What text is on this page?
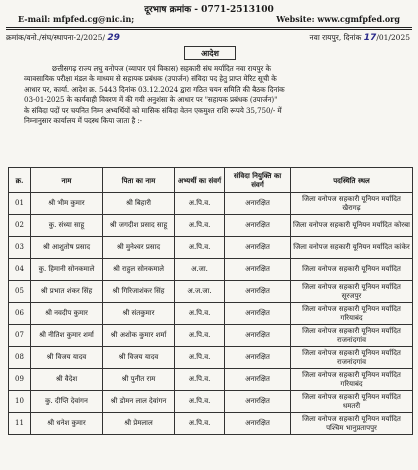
दूरभाष क्रमांक - 0771-2513100
E-mail: mfpfed.cg@nic.in;	Website: www.cgmfpfed.org
क्रमांक/वनो./संघ/स्थापना-2/2025/ 29	नवा रायपुर, दिनांक 17/01/2025
आदेश
छत्तीसगढ़ राज्य लघु वनोपज (व्यापार एवं विकास) सहकारी संघ मर्यादित नवा रायपुर के
व्यावसायिक परीक्षा मंडल के माध्यम से सहायक प्रबंधक (उपार्जन) संविदा पद हेतु प्राप्त मेरिट सूची के
आधार पर, कार्या. आदेश क्र. 5443 दिनांक 03.12.2024 द्वारा गठित चयन समिति की बैठक दिनांक
03-01-2025 के कार्यवाही विवरण में की गयी अनुशंसा के आधार पर "सहायक प्रबंधक (उपार्जन)"
के संविदा पदों पर चयनित निम्न अभ्यर्थियों को मासिक संविदा वेतन एकमुश्त राशि रूपये 35,750/- में
निम्नानुसार कार्यालय में पदस्थ किया जाता है :-
क्र.	नाम	पिता का नाम	अभ्यर्थी का संवर्ग	संविदा नियुक्ति का संवर्ग	पदस्थिति स्थल
01	श्री भीम कुमार	श्री बिहारी	अ.पि.व.	अनारक्षित	जिला वनोपज सहकारी यूनियन मर्यादित खैरागढ़
02	कु. संध्या साहू	श्री जगदीश प्रसाद साहू	अ.पि.व.	अनारक्षित	जिला वनोपज सहकारी यूनियन मर्यादित कोरबा
03	श्री आशुतोष प्रसाद	श्री मुनेश्वर प्रसाद	अ.पि.व.	अनारक्षित	जिला वनोपज सहकारी यूनियन मर्यादित कांकेर
04	कु. हिमानी सोनकमाले	श्री राहुल सोनकमाले	अ.जा.	अनारक्षित	जिला वनोपज सहकारी यूनियन मर्यादित
05	श्री प्रभात शंकर सिंह	श्री गिरिजाशंकर सिंह	अ.ज.जा.	अनारक्षित	जिला वनोपज सहकारी यूनियन मर्यादित सूरजपुर
06	श्री नवदीप कुमार	श्री संतकुमार	अ.पि.व.	अनारक्षित	जिला वनोपज सहकारी यूनियन मर्यादित गरियाबंद
07	श्री नीतिश कुमार शर्मा	श्री अशोक कुमार शर्मा	अ.पि.व.	अनारक्षित	जिला वनोपज सहकारी यूनियन मर्यादित राजनांदगांव
08	श्री विजय यादव	श्री विजय यादव	अ.पि.व.	अनारक्षित	जिला वनोपज सहकारी यूनियन मर्यादित राजनांदगांव
09	श्री वैदेश	श्री पुनीत राम	अ.पि.व.	अनारक्षित	जिला वनोपज सहकारी यूनियन मर्यादित गरियाबंद
10	कु. दीप्ति देवांगन	श्री डोमन लाल देवांगन	अ.पि.व.	अनारक्षित	जिला वनोपज सहकारी यूनियन मर्यादित धमतरी
11	श्री धनेश कुमार	श्री प्रेमलाल	अ.पि.व.	अनारक्षित	जिला वनोपज सहकारी यूनियन मर्यादित पश्चिम भानुप्रतापपुर
